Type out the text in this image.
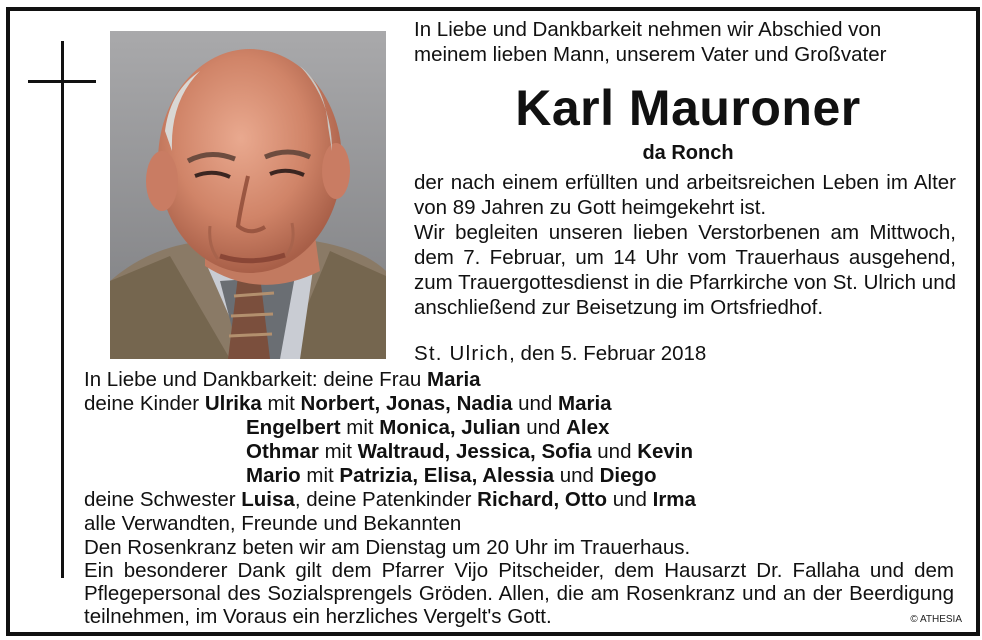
In Liebe und Dankbarkeit nehmen wir Abschied von
meinem lieben Mann, unserem Vater und Großvater
Karl Mauroner
da Ronch
der nach einem erfüllten und arbeitsreichen Leben im Alter von 89 Jahren zu Gott heimgekehrt ist.
Wir begleiten unseren lieben Verstorbenen am Mittwoch, dem 7. Februar, um 14 Uhr vom Trauerhaus ausgehend, zum Trauergottesdienst in die Pfarrkirche von St. Ulrich und anschließend zur Beisetzung im Ortsfriedhof.
St. Ulrich, den 5. Februar 2018
In Liebe und Dankbarkeit: deine Frau Maria
deine Kinder Ulrika mit Norbert, Jonas, Nadia und Maria
Engelbert mit Monica, Julian und Alex
Othmar mit Waltraud, Jessica, Sofia und Kevin
Mario mit Patrizia, Elisa, Alessia und Diego
deine Schwester Luisa, deine Patenkinder Richard, Otto und Irma
alle Verwandten, Freunde und Bekannten
Den Rosenkranz beten wir am Dienstag um 20 Uhr im Trauerhaus.
Ein besonderer Dank gilt dem Pfarrer Vijo Pitscheider, dem Hausarzt Dr. Fallaha und dem Pflegepersonal des Sozialsprengels Gröden. Allen, die am Rosenkranz und an der Beerdigung teilnehmen, im Voraus ein herzliches Vergelt's Gott.	© ATHESIA
